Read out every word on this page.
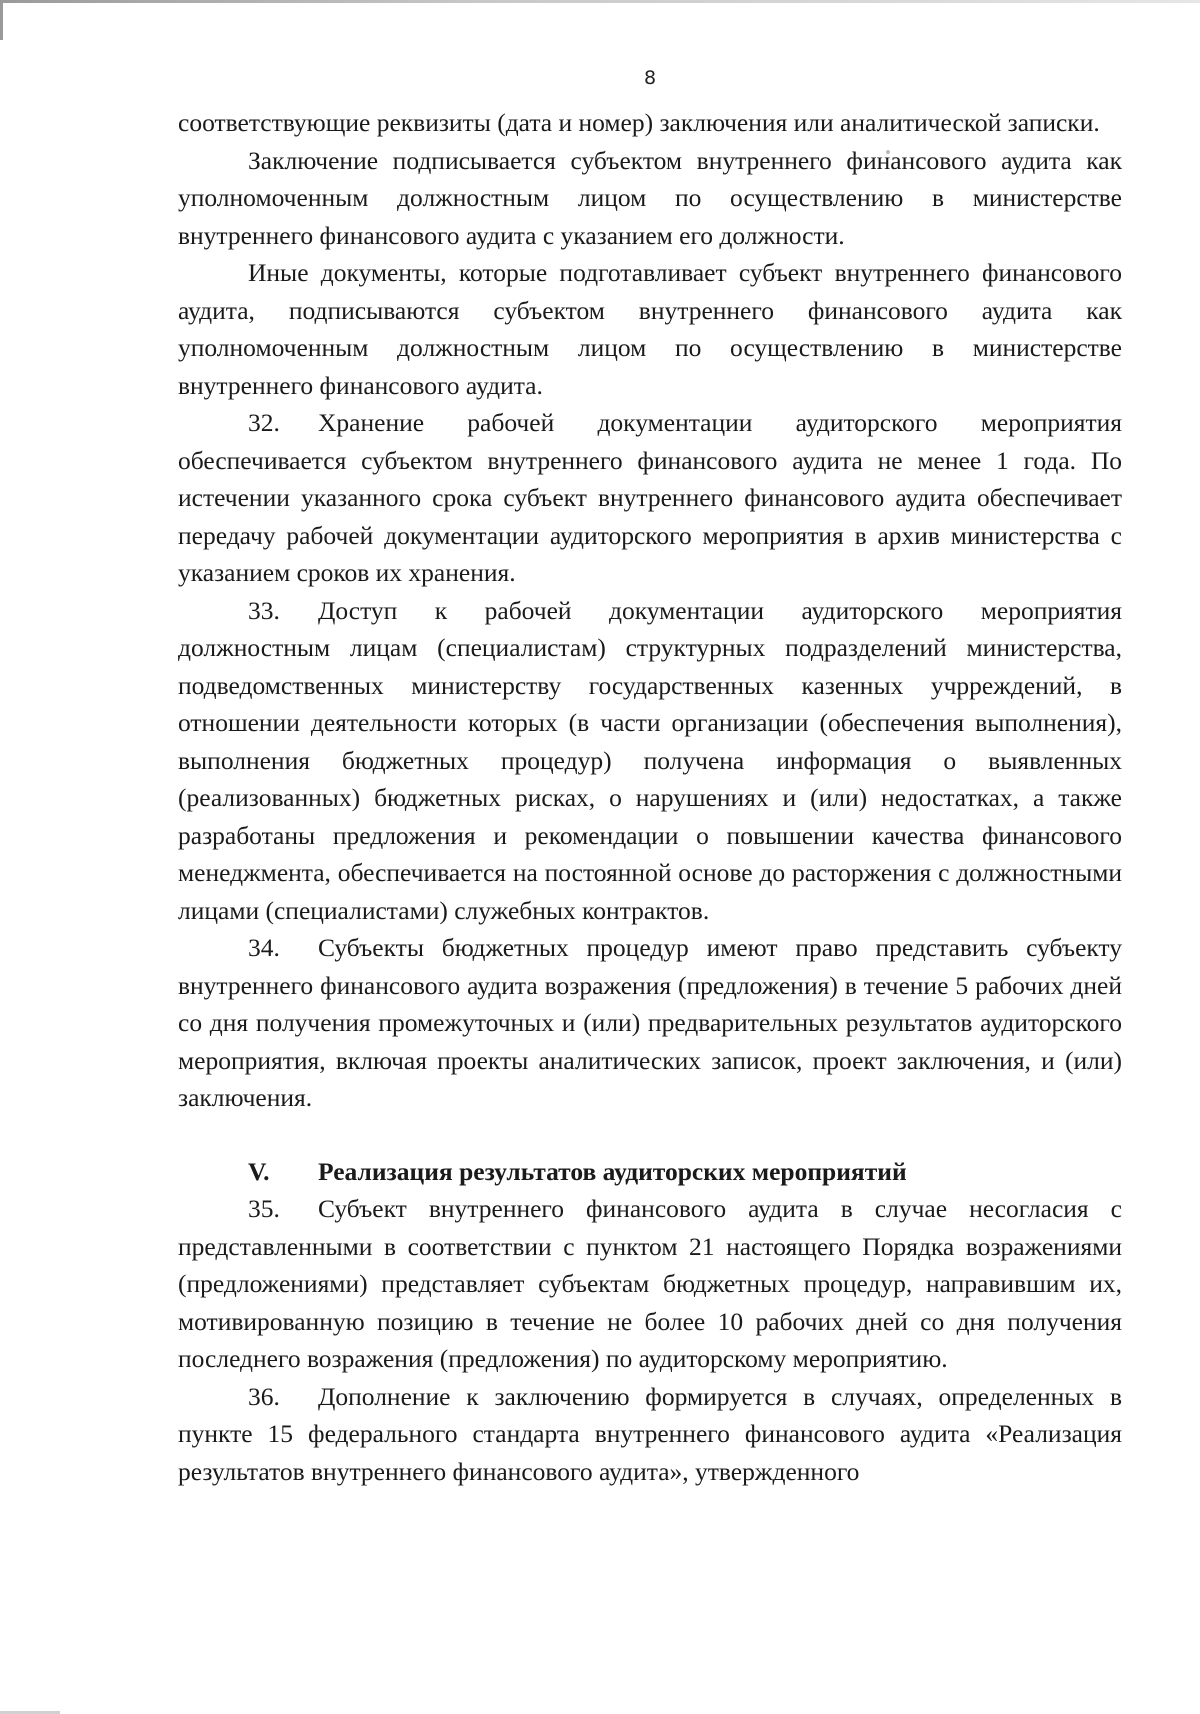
8

соответствующие реквизиты (дата и номер) заключения или аналитической записки.

Заключение подписывается субъектом внутреннего финансового аудита как уполномоченным должностным лицом по осуществлению в министерстве внутреннего финансового аудита с указанием его должности.

Иные документы, которые подготавливает субъект внутреннего финансового аудита, подписываются субъектом внутреннего финансового аудита как уполномоченным должностным лицом по осуществлению в министерстве внутреннего финансового аудита.

32. Хранение рабочей документации аудиторского мероприятия обеспечивается субъектом внутреннего финансового аудита не менее 1 года. По истечении указанного срока субъект внутреннего финансового аудита обеспечивает передачу рабочей документации аудиторского мероприятия в архив министерства с указанием сроков их хранения.

33. Доступ к рабочей документации аудиторского мероприятия должностным лицам (специалистам) структурных подразделений министерства, подведомственных министерству государственных казенных учрреждений, в отношении деятельности которых (в части организации (обеспечения выполнения), выполнения бюджетных процедур) получена информация о выявленных (реализованных) бюджетных рисках, о нарушениях и (или) недостатках, а также разработаны предложения и рекомендации о повышении качества финансового менеджмента, обеспечивается на постоянной основе до расторжения с должностными лицами (специалистами) служебных контрактов.

34. Субъекты бюджетных процедур имеют право представить субъекту внутреннего финансового аудита возражения (предложения) в течение 5 рабочих дней со дня получения промежуточных и (или) предварительных результатов аудиторского мероприятия, включая проекты аналитических записок, проект заключения, и (или) заключения.

V. Реализация результатов аудиторских мероприятий

35. Субъект внутреннего финансового аудита в случае несогласия с представленными в соответствии с пунктом 21 настоящего Порядка возражениями (предложениями) представляет субъектам бюджетных процедур, направившим их, мотивированную позицию в течение не более 10 рабочих дней со дня получения последнего возражения (предложения) по аудиторскому мероприятию.

36. Дополнение к заключению формируется в случаях, определенных в пункте 15 федерального стандарта внутреннего финансового аудита «Реализация результатов внутреннего финансового аудита», утвержденного
